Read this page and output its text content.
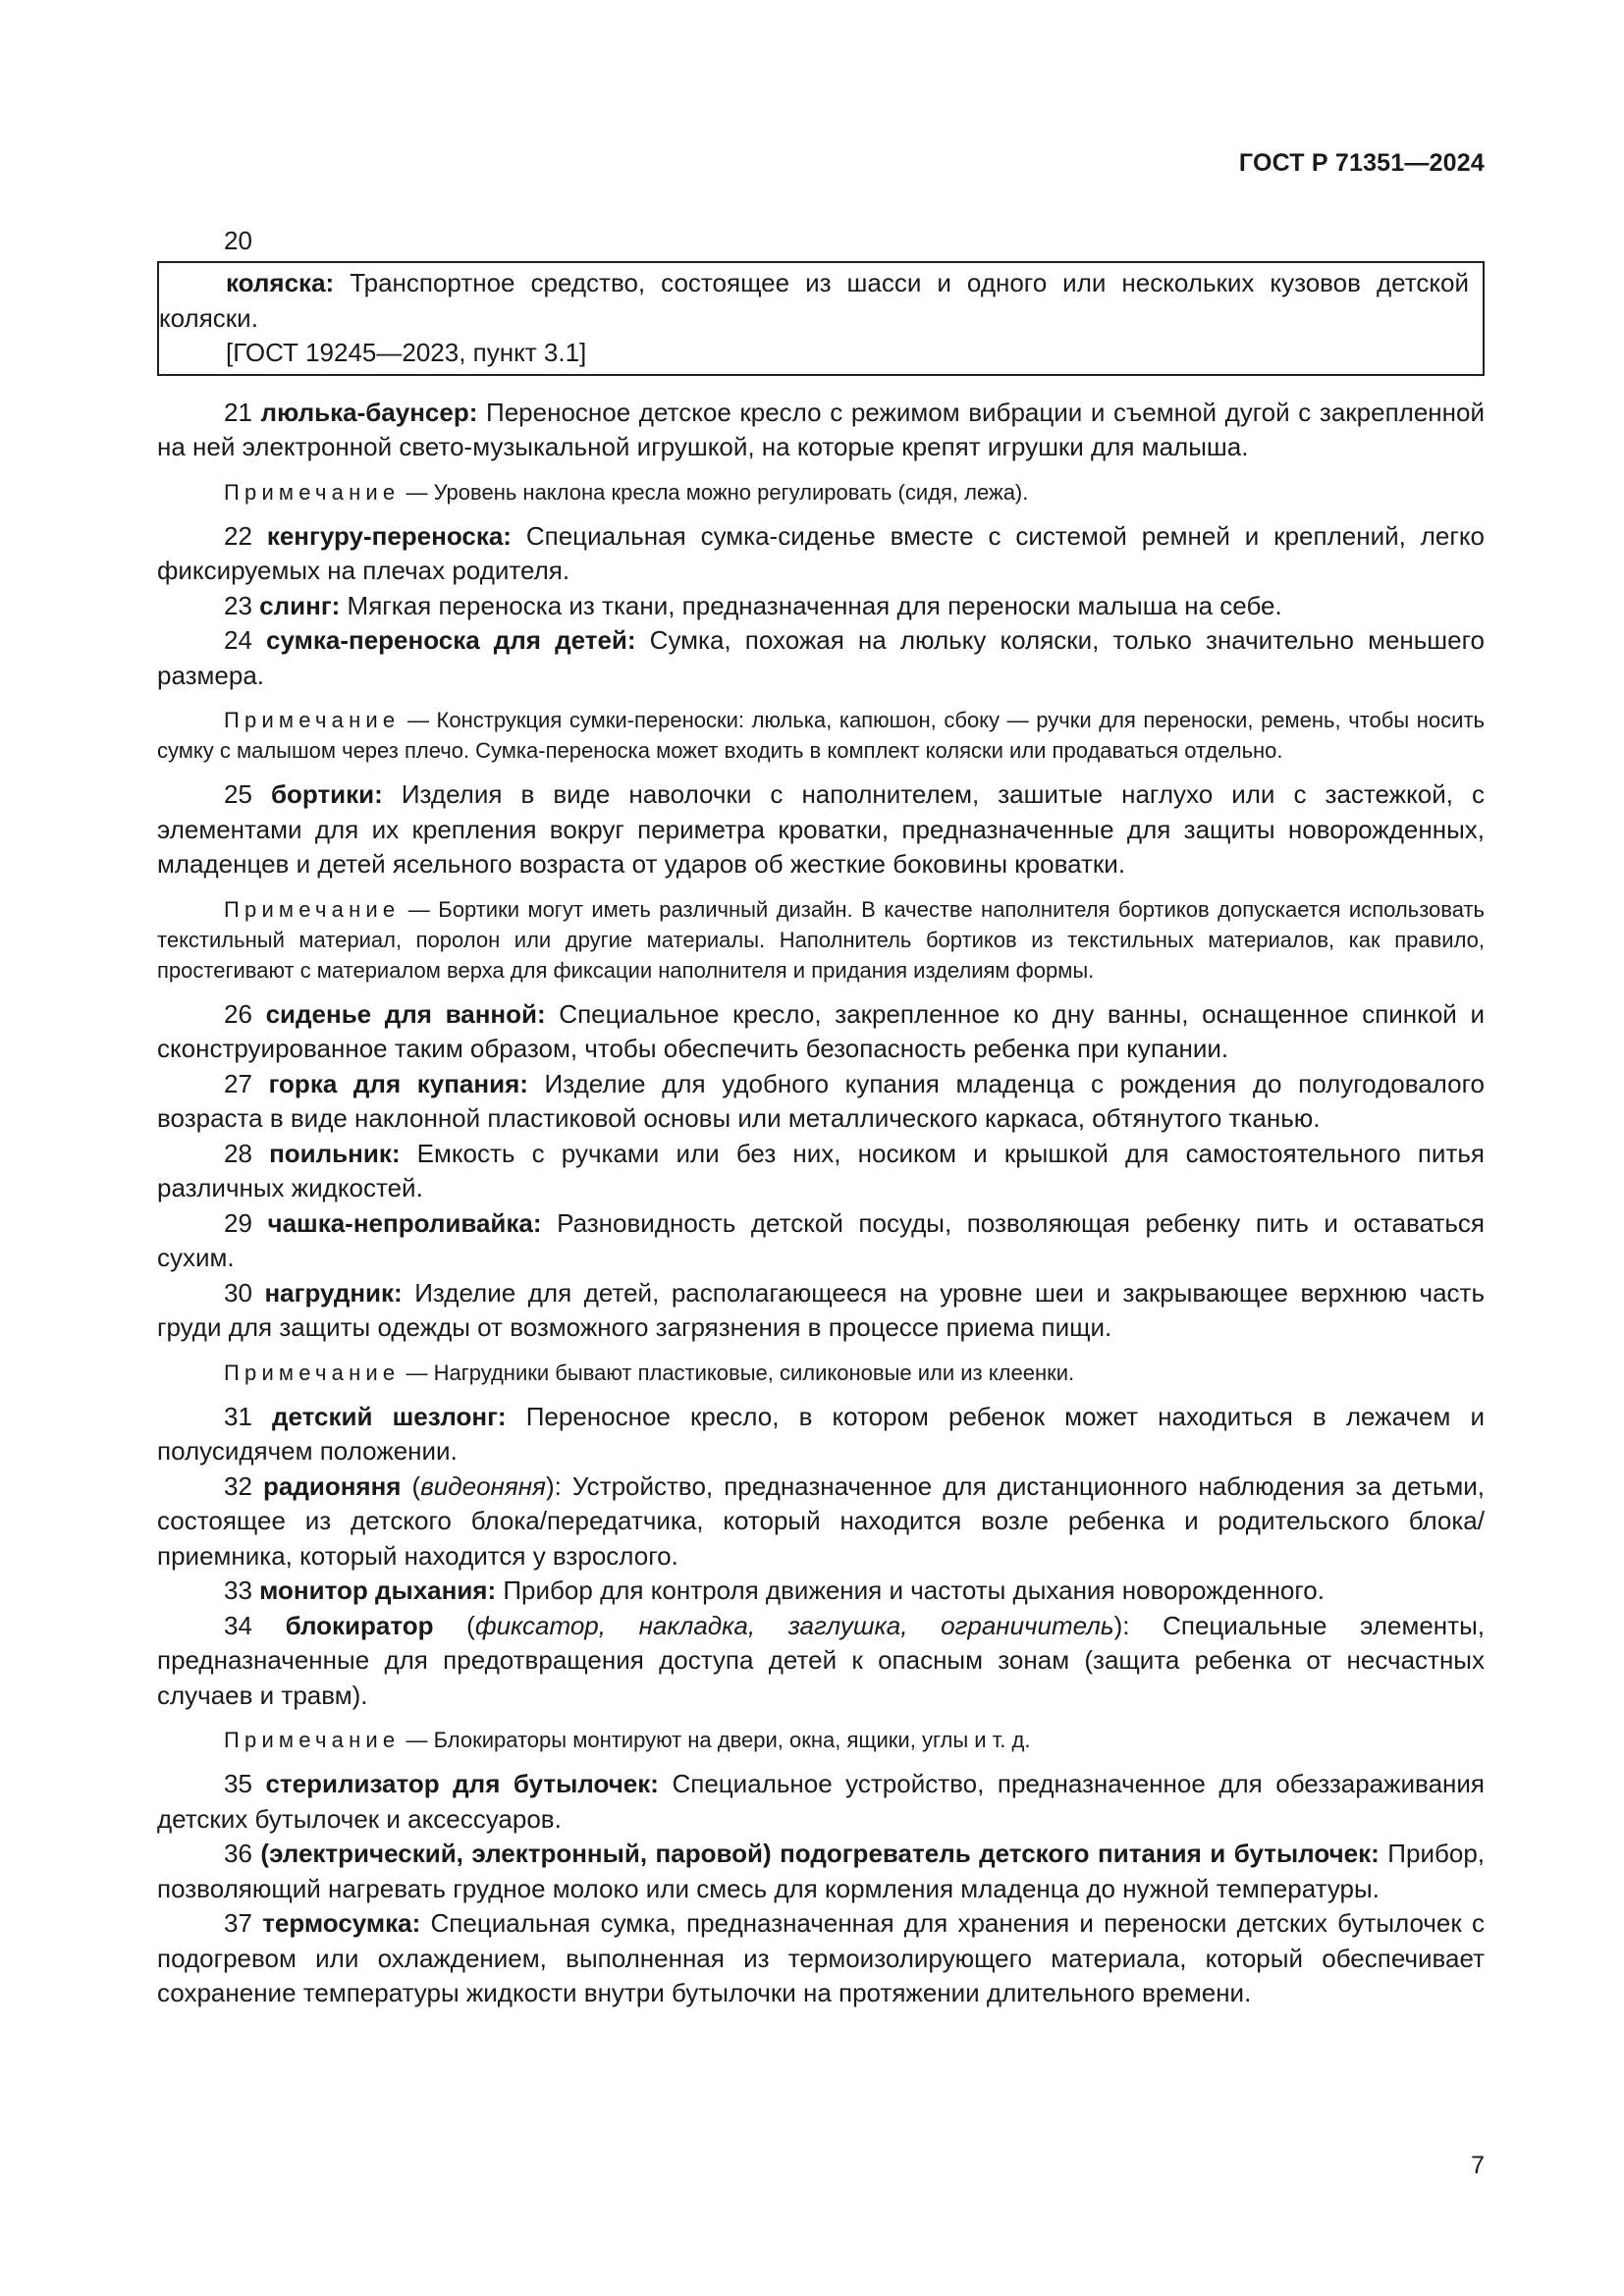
ГОСТ Р 71351—2024
20

коляска: Транспортное средство, состоящее из шасси и одного или нескольких кузовов детской коляски.

[ГОСТ 19245—2023, пункт 3.1]

21 люлька-баунсер: Переносное детское кресло с режимом вибрации и съемной дугой с закрепленной на ней электронной свето-музыкальной игрушкой, на которые крепят игрушки для малыша.

Примечание — Уровень наклона кресла можно регулировать (сидя, лежа).

22 кенгуру-переноска: Специальная сумка-сиденье вместе с системой ремней и креплений, легко фиксируемых на плечах родителя.

23 слинг: Мягкая переноска из ткани, предназначенная для переноски малыша на себе.

24 сумка-переноска для детей: Сумка, похожая на люльку коляски, только значительно меньшего размера.

Примечание — Конструкция сумки-переноски: люлька, капюшон, сбоку — ручки для переноски, ремень, чтобы носить сумку с малышом через плечо. Сумка-переноска может входить в комплект коляски или продаваться отдельно.

25 бортики: Изделия в виде наволочки с наполнителем, зашитые наглухо или с застежкой, с элементами для их крепления вокруг периметра кроватки, предназначенные для защиты новорожденных, младенцев и детей ясельного возраста от ударов об жесткие боковины кроватки.

Примечание — Бортики могут иметь различный дизайн. В качестве наполнителя бортиков допускается использовать текстильный материал, поролон или другие материалы. Наполнитель бортиков из текстильных материалов, как правило, простегивают с материалом верха для фиксации наполнителя и придания изделиям формы.

26 сиденье для ванной: Специальное кресло, закрепленное ко дну ванны, оснащенное спинкой и сконструированное таким образом, чтобы обеспечить безопасность ребенка при купании.

27 горка для купания: Изделие для удобного купания младенца с рождения до полугодовалого возраста в виде наклонной пластиковой основы или металлического каркаса, обтянутого тканью.

28 поильник: Емкость с ручками или без них, носиком и крышкой для самостоятельного питья различных жидкостей.

29 чашка-непроливайка: Разновидность детской посуды, позволяющая ребенку пить и оставаться сухим.

30 нагрудник: Изделие для детей, располагающееся на уровне шеи и закрывающее верхнюю часть груди для защиты одежды от возможного загрязнения в процессе приема пищи.

Примечание — Нагрудники бывают пластиковые, силиконовые или из клеенки.

31 детский шезлонг: Переносное кресло, в котором ребенок может находиться в лежачем и полусидячем положении.

32 радионяня (видеоняня): Устройство, предназначенное для дистанционного наблюдения за детьми, состоящее из детского блока/передатчика, который находится возле ребенка и родительского блока/приемника, который находится у взрослого.

33 монитор дыхания: Прибор для контроля движения и частоты дыхания новорожденного.

34 блокиратор (фиксатор, накладка, заглушка, ограничитель): Специальные элементы, предназначенные для предотвращения доступа детей к опасным зонам (защита ребенка от несчастных случаев и травм).

Примечание — Блокираторы монтируют на двери, окна, ящики, углы и т. д.

35 стерилизатор для бутылочек: Специальное устройство, предназначенное для обеззараживания детских бутылочек и аксессуаров.

36 (электрический, электронный, паровой) подогреватель детского питания и бутылочек: Прибор, позволяющий нагревать грудное молоко или смесь для кормления младенца до нужной температуры.

37 термосумка: Специальная сумка, предназначенная для хранения и переноски детских бутылочек с подогревом или охлаждением, выполненная из термоизолирующего материала, который обеспечивает сохранение температуры жидкости внутри бутылочки на протяжении длительного времени.

7
